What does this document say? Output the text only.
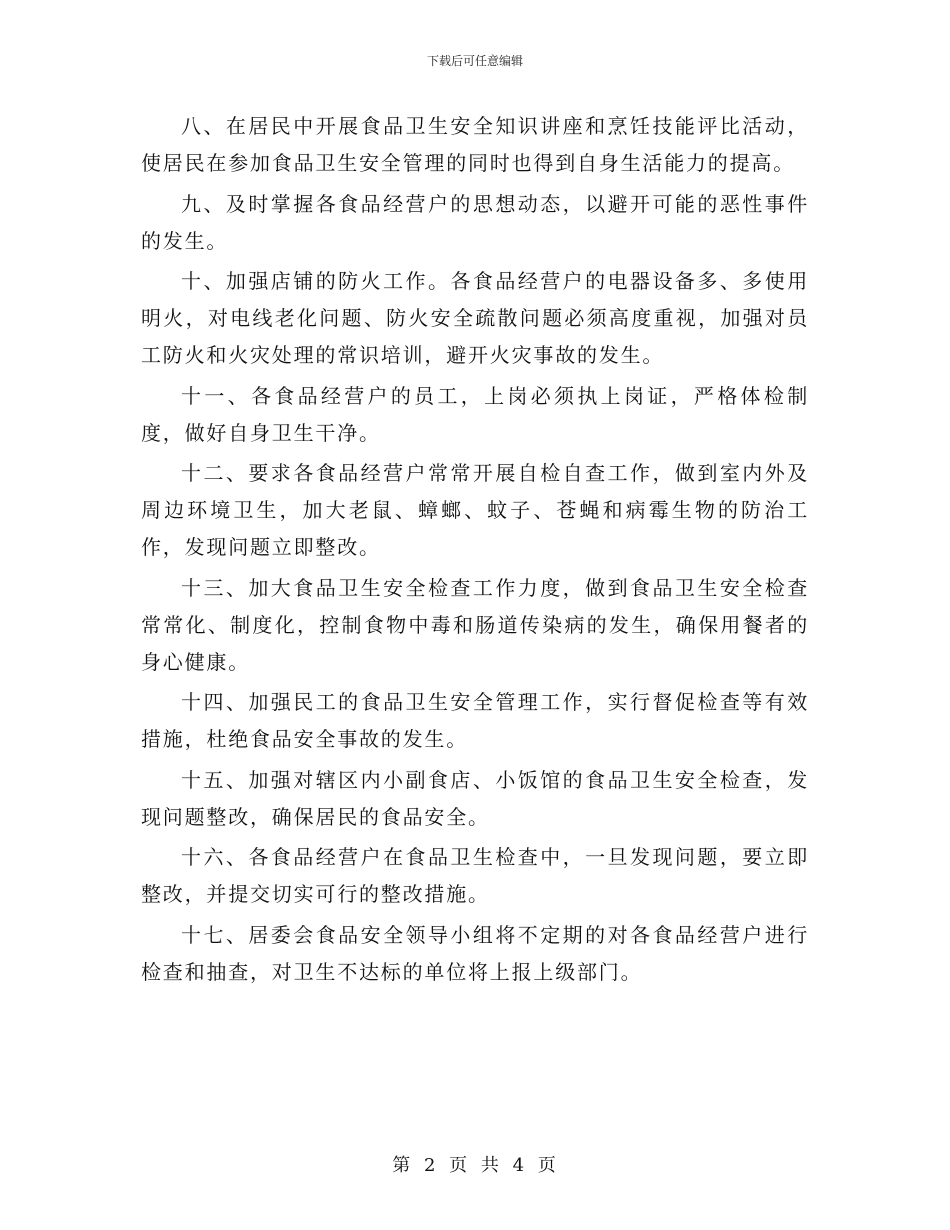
下载后可任意编辑

八、在居民中开展食品卫生安全知识讲座和烹饪技能评比活动，使居民在参加食品卫生安全管理的同时也得到自身生活能力的提高。

九、及时掌握各食品经营户的思想动态，以避开可能的恶性事件的发生。

十、加强店铺的防火工作。各食品经营户的电器设备多、多使用明火，对电线老化问题、防火安全疏散问题必须高度重视，加强对员工防火和火灾处理的常识培训，避开火灾事故的发生。

十一、各食品经营户的员工，上岗必须执上岗证，严格体检制度，做好自身卫生干净。

十二、要求各食品经营户常常开展自检自查工作，做到室内外及周边环境卫生，加大老鼠、蟑螂、蚊子、苍蝇和病霉生物的防治工作，发现问题立即整改。

十三、加大食品卫生安全检查工作力度，做到食品卫生安全检查常常化、制度化，控制食物中毒和肠道传染病的发生，确保用餐者的身心健康。

十四、加强民工的食品卫生安全管理工作，实行督促检查等有效措施，杜绝食品安全事故的发生。

十五、加强对辖区内小副食店、小饭馆的食品卫生安全检查，发现问题整改，确保居民的食品安全。

十六、各食品经营户在食品卫生检查中，一旦发现问题，要立即整改，并提交切实可行的整改措施。

十七、居委会食品安全领导小组将不定期的对各食品经营户进行检查和抽查，对卫生不达标的单位将上报上级部门。

第 2 页 共 4 页
